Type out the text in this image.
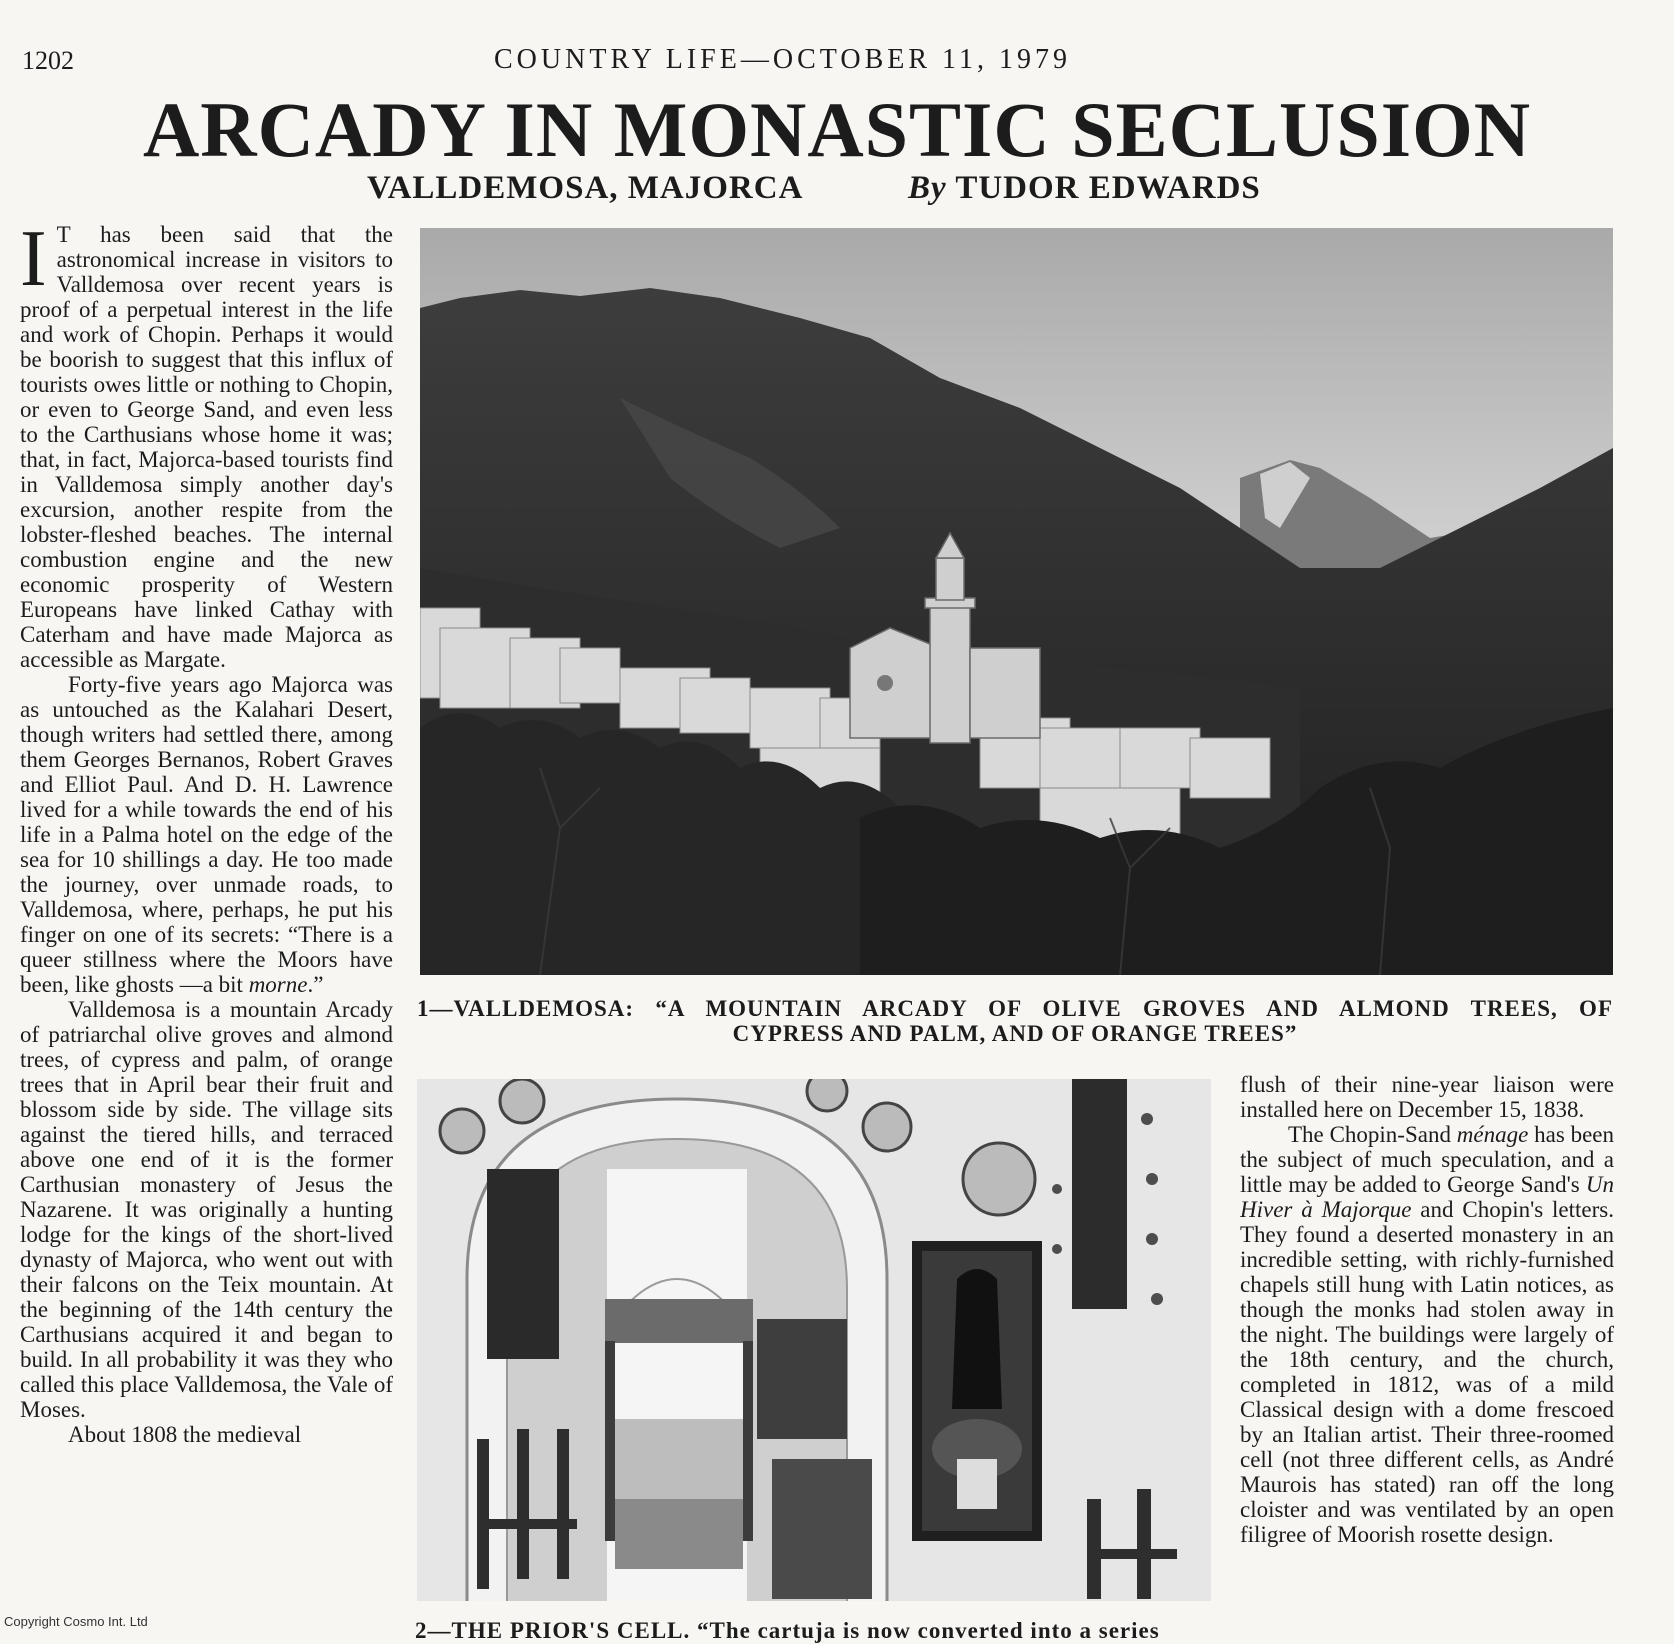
1202	COUNTRY LIFE—OCTOBER 11, 1979
ARCADY IN MONASTIC SECLUSION
VALLDEMOSA, MAJORCA	By TUDOR EDWARDS

I T has been said that the astronomical increase in visitors to Valldemosa over recent years is proof of a perpetual interest in the life and work of Chopin. Perhaps it would be boorish to suggest that this influx of tourists owes little or nothing to Chopin, or even to George Sand, and even less to the Carthusians whose home it was; that, in fact, Majorca-based tourists find in Valldemosa simply another day's excursion, another respite from the lobster-fleshed beaches. The internal combustion engine and the new economic prosperity of Western Europeans have linked Cathay with Caterham and have made Majorca as accessible as Margate.

Forty-five years ago Majorca was as untouched as the Kalahari Desert, though writers had settled there, among them Georges Bernanos, Robert Graves and Elliot Paul. And D. H. Lawrence lived for a while towards the end of his life in a Palma hotel on the edge of the sea for 10 shillings a day. He too made the journey, over unmade roads, to Valldemosa, where, perhaps, he put his finger on one of its secrets: “There is a queer stillness where the Moors have been, like ghosts —a bit morne.”

Valldemosa is a mountain Arcady of patriarchal olive groves and almond trees, of cypress and palm, of orange trees that in April bear their fruit and blossom side by side. The village sits against the tiered hills, and terraced above one end of it is the former Carthusian monastery of Jesus the Nazarene. It was originally a hunting lodge for the kings of the short-lived dynasty of Majorca, who went out with their falcons on the Teix mountain. At the beginning of the 14th century the Carthusians acquired it and began to build. In all probability it was they who called this place Valldemosa, the Vale of Moses.

About 1808 the medieval

1—VALLDEMOSA: “A MOUNTAIN ARCADY OF OLIVE GROVES AND ALMOND TREES, OF
CYPRESS AND PALM, AND OF ORANGE TREES”
2—THE PRIOR'S CELL. “The cartuja is now converted into a series

flush of their nine-year liaison were installed here on December 15, 1838.

The Chopin-Sand ménage has been the subject of much speculation, and a little may be added to George Sand's Un Hiver à Majorque and Chopin's letters. They found a deserted monastery in an incredible setting, with richly-furnished chapels still hung with Latin notices, as though the monks had stolen away in the night. The buildings were largely of the 18th century, and the church, completed in 1812, was of a mild Classical design with a dome frescoed by an Italian artist. Their three-roomed cell (not three different cells, as André Maurois has stated) ran off the long cloister and was ventilated by an open filigree of Moorish rosette design.

Copyright Cosmo Int. Ltd
